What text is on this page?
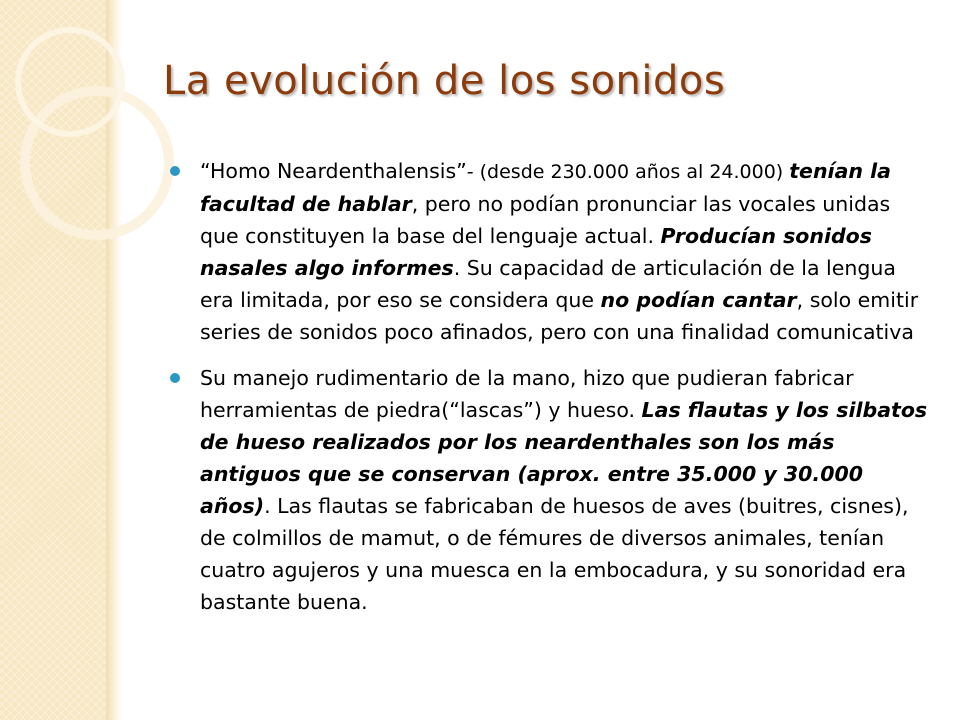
La evolución de los sonidos
“Homo Neardenthalensis”- (desde 230.000 años al 24.000) tenían la facultad de hablar, pero no podían pronunciar las vocales unidas que constituyen la base del lenguaje actual. Producían sonidos nasales algo informes. Su capacidad de articulación de la lengua era limitada, por eso se considera que no podían cantar, solo emitir series de sonidos poco afinados, pero con una finalidad comunicativa
Su manejo rudimentario de la mano, hizo que pudieran fabricar herramientas de piedra(“lascas”) y hueso. Las flautas y los silbatos de hueso realizados por los neardenthales son los más antiguos que se conservan (aprox. entre 35.000 y 30.000 años). Las flautas se fabricaban de huesos de aves (buitres, cisnes), de colmillos de mamut, o de fémures de diversos animales, tenían cuatro agujeros y una muesca en la embocadura, y su sonoridad era bastante buena.
